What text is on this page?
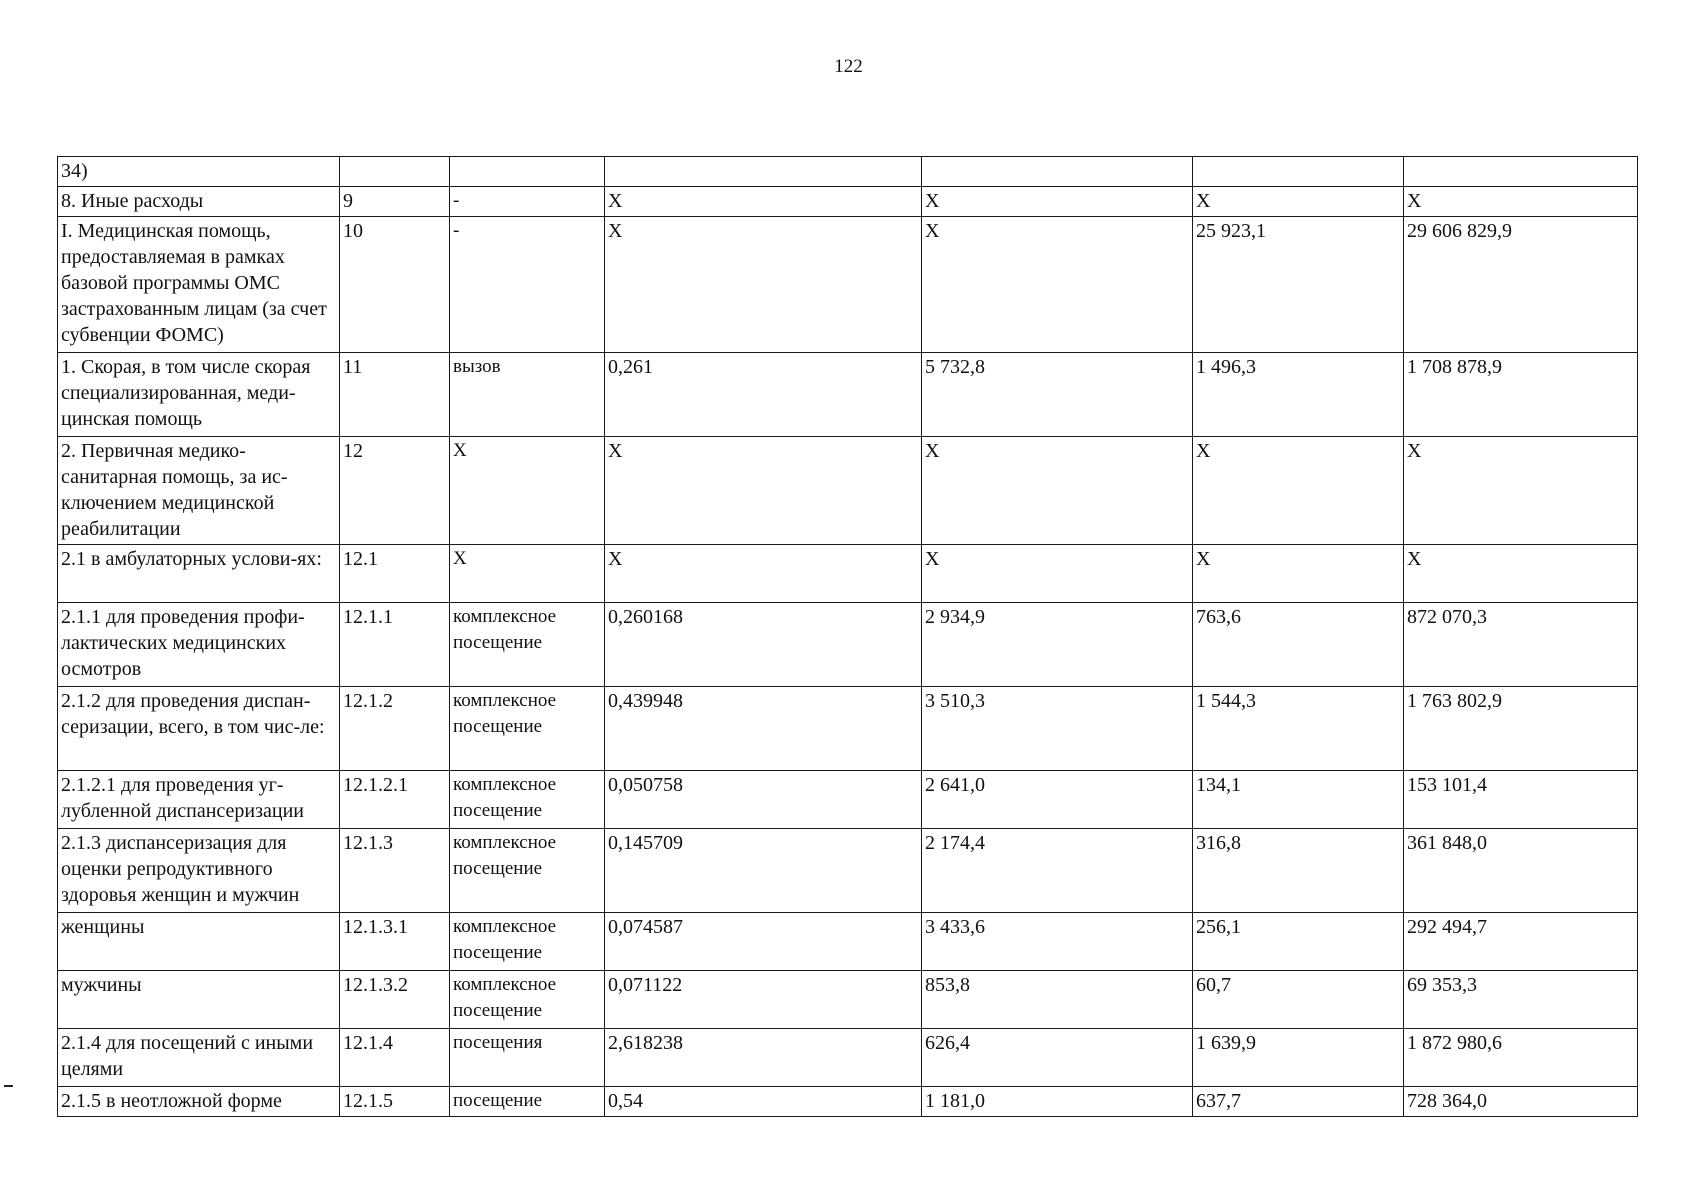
122
34)						
8. Иные расходы	9	-	X	X	X	X
I. Медицинская помощь, предоставляемая в рамках базовой программы ОМС застрахованным лицам (за счет субвенции ФОМС)	10	-	X	X	25 923,1	29 606 829,9
1. Скорая, в том числе скорая специализированная, меди-цинская помощь	11	вызов	0,261	5 732,8	1 496,3	1 708 878,9
2. Первичная медико-санитарная помощь, за ис-ключением медицинской реабилитации	12	X	X	X	X	X
2.1 в амбулаторных услови-ях:	12.1	X	X	X	X	X
2.1.1 для проведения профи-лактических медицинских осмотров	12.1.1	комплексное посещение	0,260168	2 934,9	763,6	872 070,3
2.1.2 для проведения диспан-серизации, всего, в том чис-ле:	12.1.2	комплексное посещение	0,439948	3 510,3	1 544,3	1 763 802,9
2.1.2.1 для проведения уг-лубленной диспансеризации	12.1.2.1	комплексное посещение	0,050758	2 641,0	134,1	153 101,4
2.1.3 диспансеризация для оценки репродуктивного здоровья женщин и мужчин	12.1.3	комплексное посещение	0,145709	2 174,4	316,8	361 848,0
женщины	12.1.3.1	комплексное посещение	0,074587	3 433,6	256,1	292 494,7
мужчины	12.1.3.2	комплексное посещение	0,071122	853,8	60,7	69 353,3
2.1.4 для посещений с иными целями	12.1.4	посещения	2,618238	626,4	1 639,9	1 872 980,6
2.1.5 в неотложной форме	12.1.5	посещение	0,54	1 181,0	637,7	728 364,0
